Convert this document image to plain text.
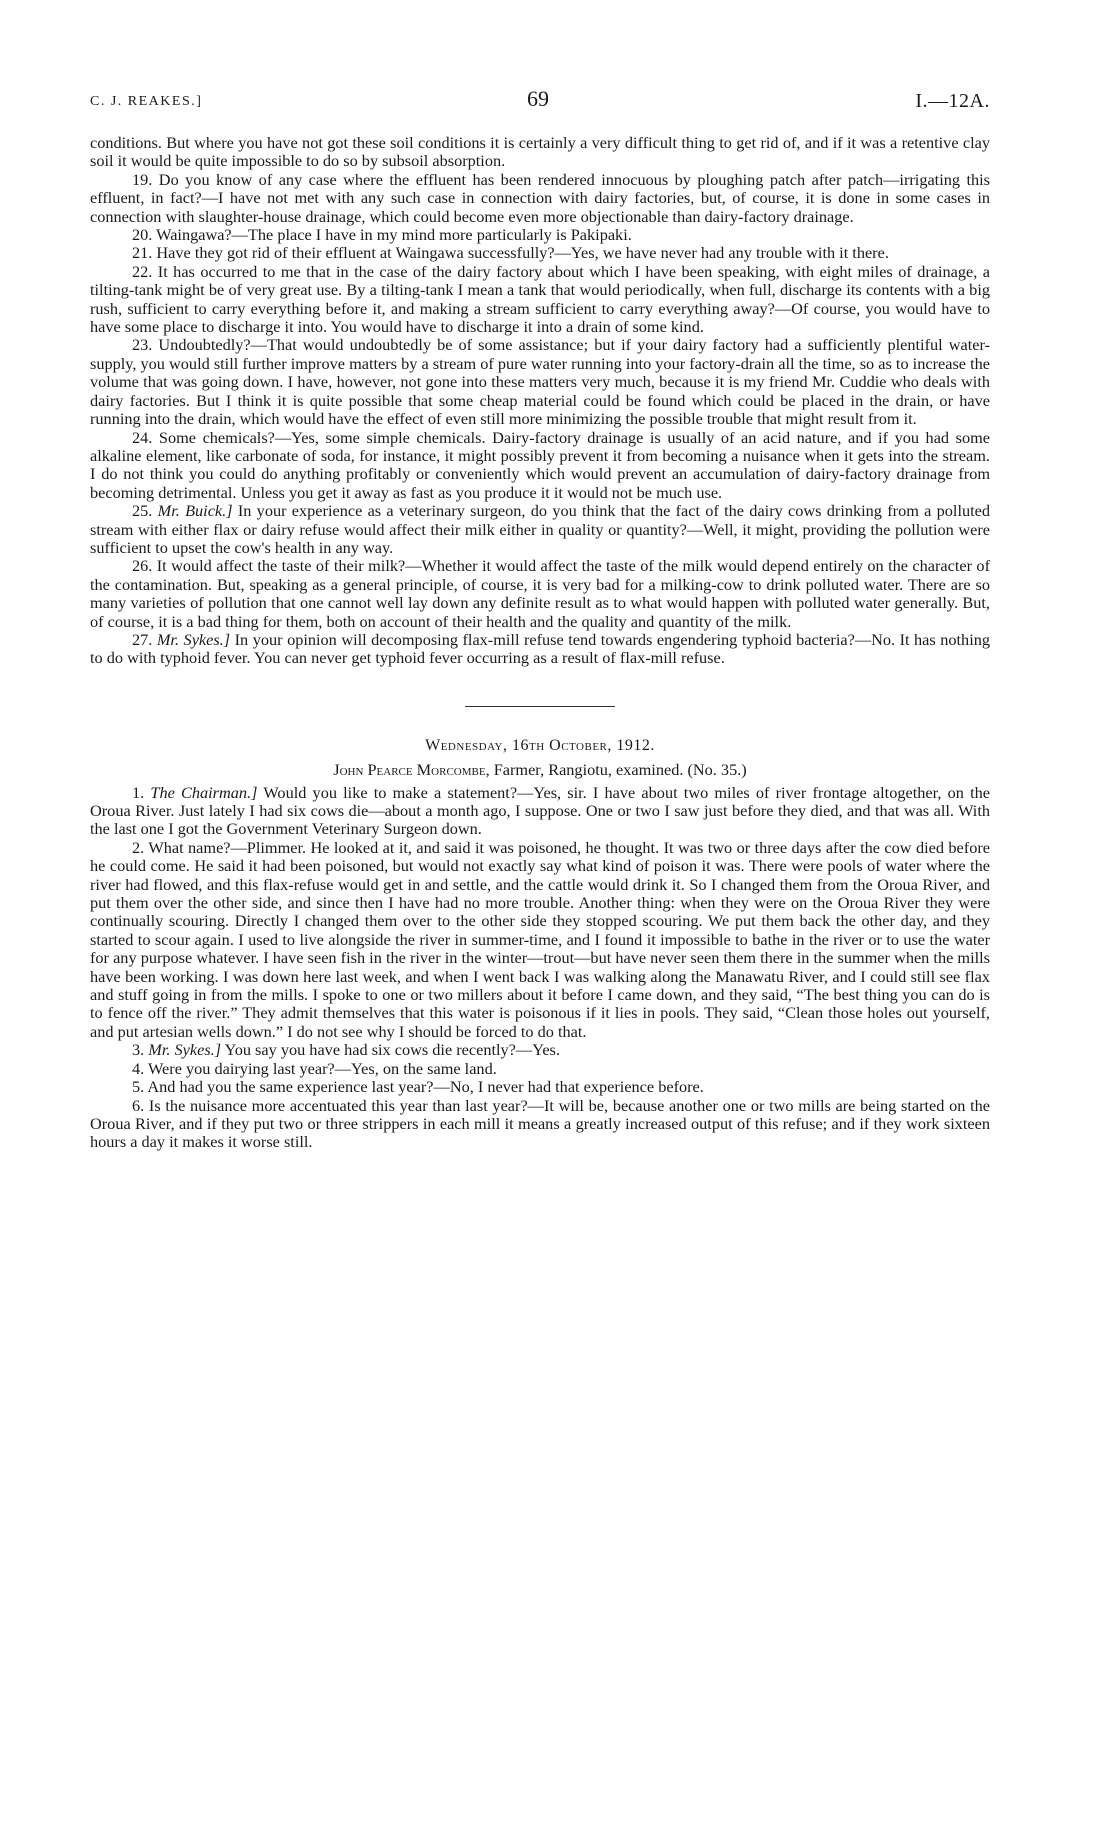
C. J. REAKES.]	69	I.—12A.

conditions. But where you have not got these soil conditions it is certainly a very difficult thing to get rid of, and if it was a retentive clay soil it would be quite impossible to do so by subsoil absorption.

19. Do you know of any case where the effluent has been rendered innocuous by ploughing patch after patch—irrigating this effluent, in fact?—I have not met with any such case in connection with dairy factories, but, of course, it is done in some cases in connection with slaughter-house drainage, which could become even more objectionable than dairy-factory drainage.

20. Waingawa?—The place I have in my mind more particularly is Pakipaki.

21. Have they got rid of their effluent at Waingawa successfully?—Yes, we have never had any trouble with it there.

22. It has occurred to me that in the case of the dairy factory about which I have been speaking, with eight miles of drainage, a tilting-tank might be of very great use. By a tilting-tank I mean a tank that would periodically, when full, discharge its contents with a big rush, sufficient to carry everything before it, and making a stream sufficient to carry everything away?—Of course, you would have to have some place to discharge it into. You would have to discharge it into a drain of some kind.

23. Undoubtedly?—That would undoubtedly be of some assistance; but if your dairy factory had a sufficiently plentiful water-supply, you would still further improve matters by a stream of pure water running into your factory-drain all the time, so as to increase the volume that was going down. I have, however, not gone into these matters very much, because it is my friend Mr. Cuddie who deals with dairy factories. But I think it is quite possible that some cheap material could be found which could be placed in the drain, or have running into the drain, which would have the effect of even still more minimizing the possible trouble that might result from it.

24. Some chemicals?—Yes, some simple chemicals. Dairy-factory drainage is usually of an acid nature, and if you had some alkaline element, like carbonate of soda, for instance, it might possibly prevent it from becoming a nuisance when it gets into the stream. I do not think you could do anything profitably or conveniently which would prevent an accumulation of dairy-factory drainage from becoming detrimental. Unless you get it away as fast as you produce it it would not be much use.

25. Mr. Buick.] In your experience as a veterinary surgeon, do you think that the fact of the dairy cows drinking from a polluted stream with either flax or dairy refuse would affect their milk either in quality or quantity?—Well, it might, providing the pollution were sufficient to upset the cow's health in any way.

26. It would affect the taste of their milk?—Whether it would affect the taste of the milk would depend entirely on the character of the contamination. But, speaking as a general principle, of course, it is very bad for a milking-cow to drink polluted water. There are so many varieties of pollution that one cannot well lay down any definite result as to what would happen with polluted water generally. But, of course, it is a bad thing for them, both on account of their health and the quality and quantity of the milk.

27. Mr. Sykes.] In your opinion will decomposing flax-mill refuse tend towards engendering typhoid bacteria?—No. It has nothing to do with typhoid fever. You can never get typhoid fever occurring as a result of flax-mill refuse.

Wednesday, 16th October, 1912.
John Pearce Morcombe, Farmer, Rangiotu, examined. (No. 35.)

1. The Chairman.] Would you like to make a statement?—Yes, sir. I have about two miles of river frontage altogether, on the Oroua River. Just lately I had six cows die—about a month ago, I suppose. One or two I saw just before they died, and that was all. With the last one I got the Government Veterinary Surgeon down.

2. What name?—Plimmer. He looked at it, and said it was poisoned, he thought. It was two or three days after the cow died before he could come. He said it had been poisoned, but would not exactly say what kind of poison it was. There were pools of water where the river had flowed, and this flax-refuse would get in and settle, and the cattle would drink it. So I changed them from the Oroua River, and put them over the other side, and since then I have had no more trouble. Another thing: when they were on the Oroua River they were continually scouring. Directly I changed them over to the other side they stopped scouring. We put them back the other day, and they started to scour again. I used to live alongside the river in summer-time, and I found it impossible to bathe in the river or to use the water for any purpose whatever. I have seen fish in the river in the winter—trout—but have never seen them there in the summer when the mills have been working. I was down here last week, and when I went back I was walking along the Manawatu River, and I could still see flax and stuff going in from the mills. I spoke to one or two millers about it before I came down, and they said, “The best thing you can do is to fence off the river.” They admit themselves that this water is poisonous if it lies in pools. They said, “Clean those holes out yourself, and put artesian wells down.” I do not see why I should be forced to do that.

3. Mr. Sykes.] You say you have had six cows die recently?—Yes.

4. Were you dairying last year?—Yes, on the same land.

5. And had you the same experience last year?—No, I never had that experience before.

6. Is the nuisance more accentuated this year than last year?—It will be, because another one or two mills are being started on the Oroua River, and if they put two or three strippers in each mill it means a greatly increased output of this refuse; and if they work sixteen hours a day it makes it worse still.
